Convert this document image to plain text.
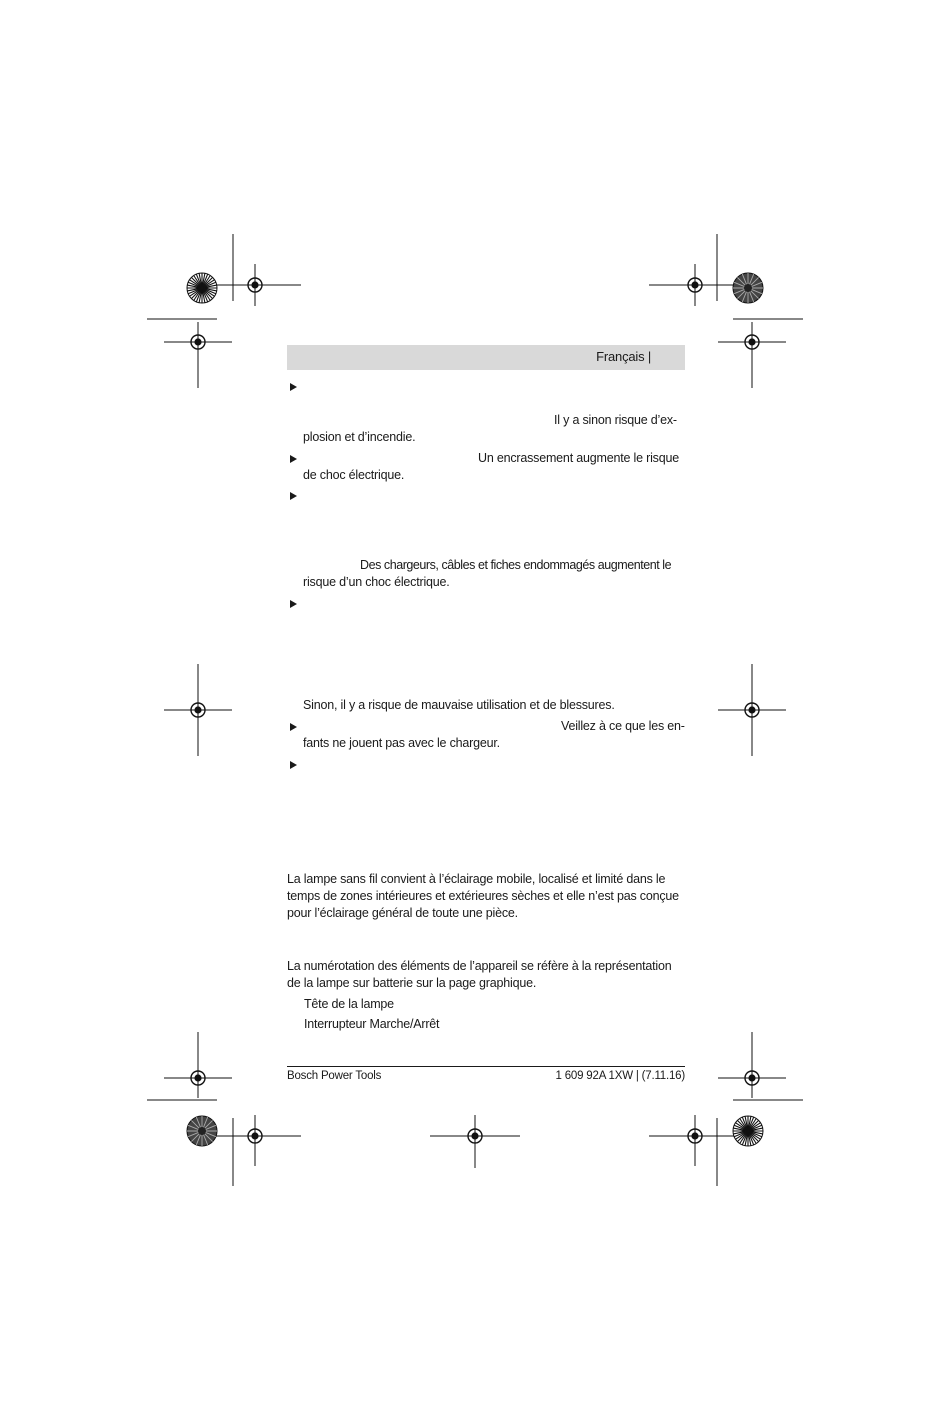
Français |
Il y a sinon risque d’ex-
plosion et d’incendie.
Un encrassement augmente le risque
de choc électrique.
Des chargeurs, câbles et fiches endommagés augmentent le
risque d’un choc électrique.
Sinon, il y a risque de mauvaise utilisation et de blessures.
Veillez à ce que les en-
fants ne jouent pas avec le chargeur.
La lampe sans fil convient à l’éclairage mobile, localisé et limité dans le
temps de zones intérieures et extérieures sèches et elle n’est pas conçue
pour l’éclairage général de toute une pièce.
La numérotation des éléments de l’appareil se réfère à la représentation
de la lampe sur batterie sur la page graphique.
Tête de la lampe
Interrupteur Marche/Arrêt
Bosch Power Tools	1 609 92A 1XW | (7.11.16)
